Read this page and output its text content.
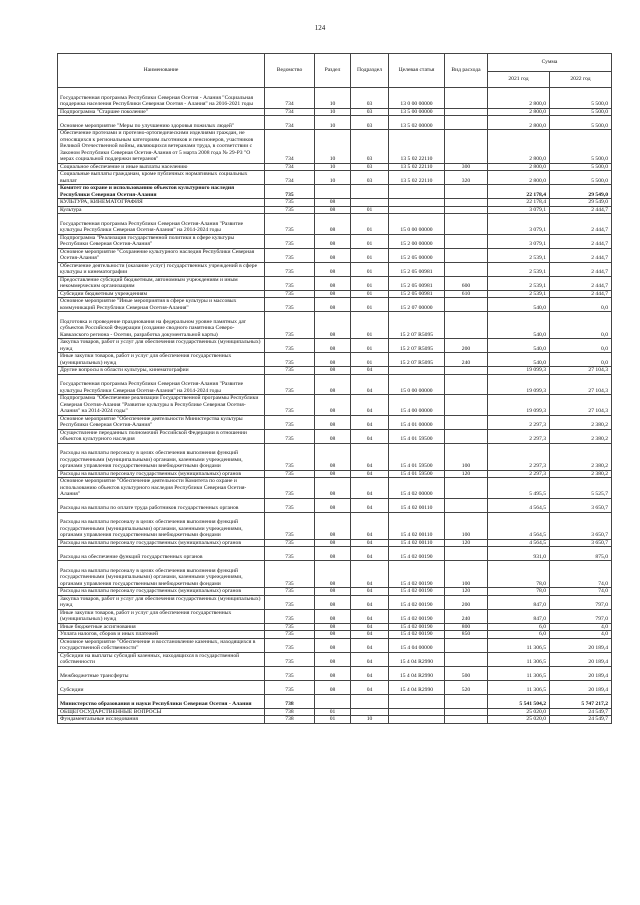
124
Наименование	Ведомство	Раздел	Подраздел	Целевая статья	Вид расхода	Сумма	
						2021 год	2022 год
Государственная программа Республики Северная Осетия - Алания "Социальная поддержка населения Республики Северная Осетия - Алания" на 2016-2021 годы	734	10	03	13 0 00 00000		2 800,0	5 500,0
Подпрограмма "Старшее поколение"	734	10	03	13 5 00 00000		2 800,0	5 500,0
Основное мероприятие "Меры по улучшению здоровья пожилых людей"	734	10	03	13 5 02 00000		2 800,0	5 500,0
Обеспечение протезами и протезно-ортопедическими изделиями граждан, не относящихся к региональным категориям льготников и пенсионеров, участников Великой Отечественной войны, являющихся ветеранами труда, в соответствии с Законом Республики Северная Осетия-Алания от 5 марта 2008 года № 29-РЗ "О мерах социальной поддержки ветеранов"	734	10	03	13 5 02 22110		2 800,0	5 500,0
Социальное обеспечение и иные выплаты населению	734	10	03	13 5 02 22110	300	2 800,0	5 500,0
Социальные выплаты гражданам, кроме публичных нормативных социальных выплат	734	10	03	13 5 02 22110	320	2 800,0	5 500,0
Комитет по охране и использованию объектов культурного наследия Республики Северная Осетия-Алания	735					22 178,4	29 549,0
КУЛЬТУРА, КИНЕМАТОГРАФИЯ	735	08				22 178,4	29 549,0
Культура	735	08	01			3 079,1	2 444,7
Государственная программа Республики Северная Осетия-Алания "Развитие культуры Республики Северная Осетия-Алания" на 2014-2024 годы	735	08	01	15 0 00 00000		3 079,1	2 444,7
Подпрограмма "Реализация государственной политики в сфере культуры Республики Северная Осетия-Алания"	735	08	01	15 2 00 00000		3 079,1	2 444,7
Основное мероприятие "Сохранение культурного наследия Республики Северная Осетия-Алания"	735	08	01	15 2 05 00000		2 539,1	2 444,7
Обеспечение деятельности (оказание услуг) государственных учреждений в сфере культуры и кинематографии	735	08	01	15 2 05 00981		2 539,1	2 444,7
Предоставление субсидий бюджетным, автономным учреждениям и иным некоммерческим организациям	735	08	01	15 2 05 00981	600	2 539,1	2 444,7
Субсидии бюджетным учреждениям	735	08	01	15 2 05 00981	610	2 539,1	2 444,7
Основное мероприятие "Иные мероприятия в сфере культуры и массовых коммуникаций Республики Северная Осетия-Алания"	735	08	01	15 2 07 00000		540,0	0,0
Подготовка и проведение празднования на федеральном уровне памятных дат субъектов Российской Федерации (создание сводного памятника Северо-Кавказского региона - Осетии, разработка документальной карты)	735	08	01	15 2 07 R5095		540,0	0,0
Закупка товаров, работ и услуг для обеспечения государственных (муниципальных) нужд	735	08	01	15 2 07 R5095	200	540,0	0,0
Иные закупки товаров, работ и услуг для обеспечения государственных (муниципальных) нужд	735	08	01	15 2 07 R5095	240	540,0	0,0
Другие вопросы в области культуры, кинематографии	735	08	04			19 099,3	27 104,3
Государственная программа Республики Северная Осетия-Алания "Развитие культуры Республики Северная Осетия-Алания" на 2014-2024 годы	735	08	04	15 0 00 00000		19 099,3	27 104,3
Подпрограмма "Обеспечение реализации Государственной программы Республики Северная Осетия-Алания "Развитие культуры в Республике Северная Осетия-Алания" на 2014-2024 годы"	735	08	04	15 4 00 00000		19 099,3	27 104,3
Основное мероприятие "Обеспечение деятельности Министерства культуры Республики Северная Осетия-Алания"	735	08	04	15 4 01 00000		2 297,3	2 380,2
Осуществление переданных полномочий Российской Федерации в отношении объектов культурного наследия	735	08	04	15 4 01 59500		2 297,3	2 380,2
Расходы на выплаты персоналу в целях обеспечения выполнения функций государственными (муниципальными) органами, казенными учреждениями, органами управления государственными внебюджетными фондами	735	08	04	15 4 01 59500	100	2 297,3	2 380,2
Расходы на выплаты персоналу государственных (муниципальных) органов	735	08	04	15 4 01 59500	120	2 297,3	2 380,2
Основное мероприятие "Обеспечение деятельности Комитета по охране и использованию объектов культурного наследия Республики Северная Осетия-Алания"	735	08	04	15 4 02 00000		5 495,5	5 525,7
Расходы на выплаты по оплате труда работников государственных органов	735	08	04	15 4 02 00110		4 564,5	3 650,7
Расходы на выплаты персоналу в целях обеспечения выполнения функций государственными (муниципальными) органами, казенными учреждениями, органами управления государственными внебюджетными фондами	735	08	04	15 4 02 00110	100	4 564,5	3 650,7
Расходы на выплаты персоналу государственных (муниципальных) органов	735	08	04	15 4 02 00110	120	4 564,5	3 650,7
Расходы на обеспечение функций государственных органов	735	08	04	15 4 02 00190		931,0	875,0
Расходы на выплаты персоналу в целях обеспечения выполнения функций государственными (муниципальными) органами, казенными учреждениями, органами управления государственными внебюджетными фондами	735	08	04	15 4 02 00190	100	78,0	74,0
Расходы на выплаты персоналу государственных (муниципальных) органов	735	08	04	15 4 02 00190	120	78,0	74,0
Закупка товаров, работ и услуг для обеспечения государственных (муниципальных) нужд	735	08	04	15 4 02 00190	200	847,0	797,0
Иные закупки товаров, работ и услуг для обеспечения государственных (муниципальных) нужд	735	08	04	15 4 02 00190	240	847,0	797,0
Иные бюджетные ассигнования	735	08	04	15 4 02 00190	800	6,0	4,0
Уплата налогов, сборов и иных платежей	735	08	04	15 4 02 00190	850	6,0	4,0
Основное мероприятие "Обеспечение и восстановление казенных, находящихся в государственной собственности"	735	08	04	15 4 04 00000		11 306,5	20 189,4
Субсидии на выплаты субсидий казенных, находящихся в государственной собственности	735	08	04	15 4 04 R2990		11 306,5	20 189,4
Межбюджетные трансферты	735	08	04	15 4 04 R2990	500	11 306,5	20 189,4
Субсидии	735	08	04	15 4 04 R2990	520	11 306,5	20 189,4
Министерство образования и науки Республики Северная Осетия - Алания	738					5 541 504,2	5 747 217,2
ОБЩЕГОСУДАРСТВЕННЫЕ ВОПРОСЫ	738	01				25 020,0	24 549,7
Фундаментальные исследования	738	01	10			25 020,0	24 549,7
